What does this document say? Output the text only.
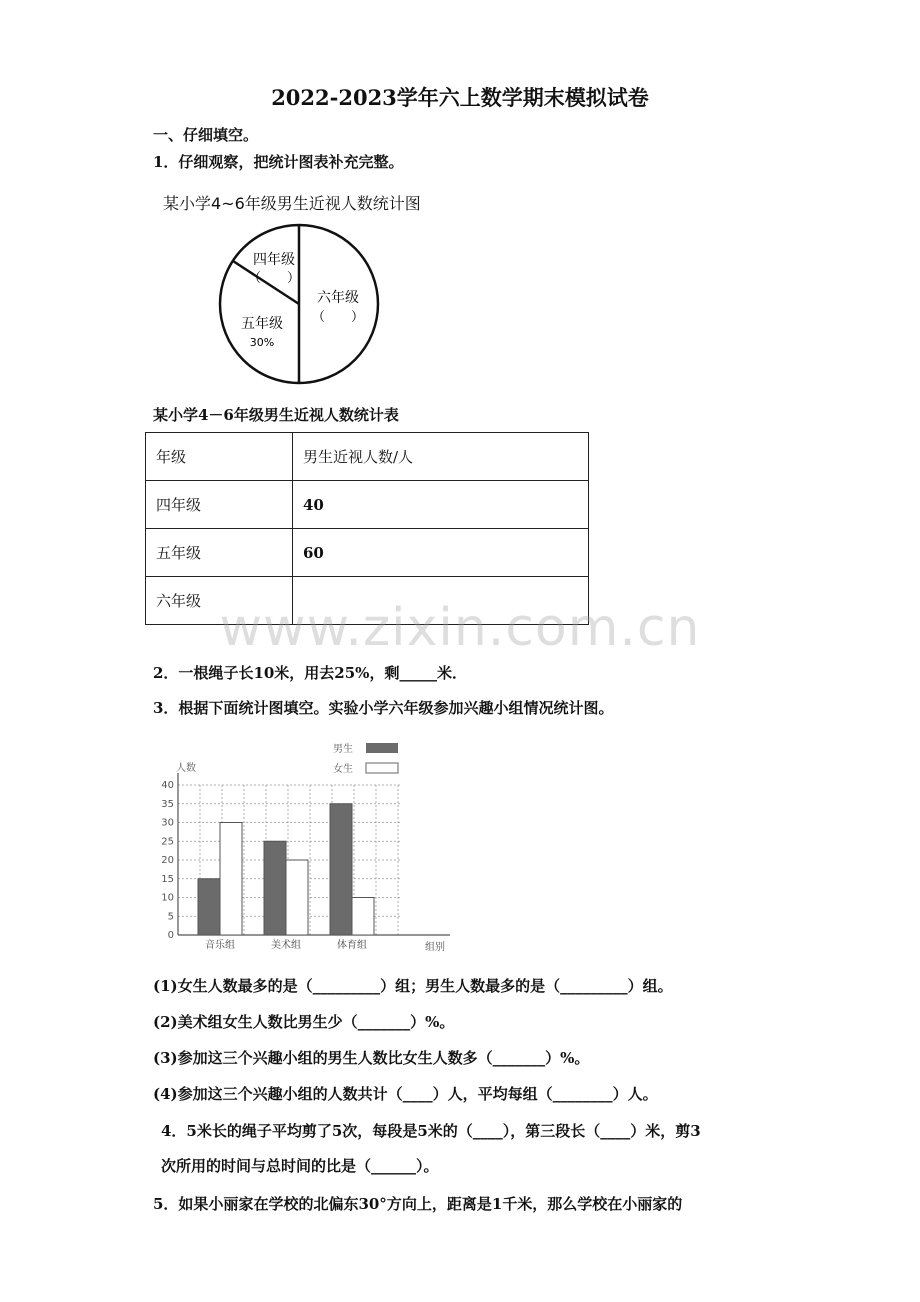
2022-2023学年六上数学期末模拟试卷
一、仔细填空。
1．仔细观察，把统计图表补充完整。
某小学4~6年级男生近视人数统计图
四年级
（　　）
五年级
30%
六年级
（　　）
某小学4－6年级男生近视人数统计表
年级	男生近视人数/人
四年级	40
五年级	60
六年级	www.zixin.com.cn
2．一根绳子长10米，用去25%，剩_____米．
3．根据下面统计图填空。实验小学六年级参加兴趣小组情况统计图。
0
5
10
15
20
25
30
35
40
音乐组	美术组	体育组
人数
组别
男生
女生
(1)女生人数最多的是（_________）组；男生人数最多的是（_________）组。
(2)美术组女生人数比男生少（_______）%。
(3)参加这三个兴趣小组的男生人数比女生人数多（_______）%。
(4)参加这三个兴趣小组的人数共计（____）人，平均每组（________）人。
4．5米长的绳子平均剪了5次，每段是5米的（____），第三段长（____）米，剪3
次所用的时间与总时间的比是（______）。
5．如果小丽家在学校的北偏东30°方向上，距离是1千米，那么学校在小丽家的
